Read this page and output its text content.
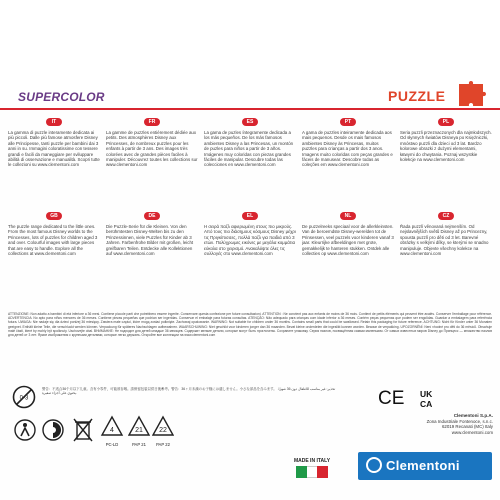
SUPERCOLOR	PUZZLE
IT
La gamma di puzzle interamente dedicata ai più piccoli. Dalle più famose atmosfere Disney alle Principesse, tanti puzzle per bambini dai 3 anni in su. Immagini coloratissime con tessere grandi e facili da maneggiare per sviluppare abilità di osservazione e manualità. Scopri tutte le collezioni su www.clementoni.com
FR
La gamme de puzzles entièrement dédiée aux petits. Des atmosphères Disney aux Princesses, de nombreux puzzles pour les enfants à partir de 3 ans. Des images très colorées avec de grandes pièces faciles à manipuler. Découvrez toutes les collections sur www.clementoni.com
ES
La gama de puzles íntegramente dedicada a los más pequeños. De los más famosos ambientes Disney a las Princesas, un montón de puzles para niños a partir de 3 años. Imágenes muy coloridas con piezas grandes fáciles de manipular. Descubre todas las colecciones en www.clementoni.com
PT
A gama de puzzles inteiramente dedicada aos mais pequenos. Desde os mais famosos ambientes Disney às Princesas, muitos puzzles para crianças a partir dos 3 anos. Imagens muito coloridas com peças grandes e fáceis de manusear. Descobre todas as coleções em www.clementoni.com
PL
Seria puzzli przeznaczonych dla najmłodszych. Od słynnych światów Disneya po Księżniczki, mnóstwo puzzli dla dzieci od 3 lat. Bardzo kolorowe obrazki z dużymi elementami, łatwymi do chwytania. Poznaj wszystkie kolekcje na www.clementoni.com
GB
The puzzle range dedicated to the little ones. From the most famous Disney worlds to the Princesses, lots of puzzles for children aged 3 and over. Colourful images with large pieces that are easy to handle. Explore all the collections at www.clementoni.com
DE
Die Puzzle-Serie für die Kleinen. Von den berühmtesten Disney-Welten bis zu den Prinzessinnen, viele Puzzles für Kinder ab 3 Jahren. Farbenfrohe Bilder mit großen, leicht greifbaren Teilen. Entdecke alle Kollektionen auf www.clementoni.com
EL
Η σειρά παζλ αφιερωμένη στους πιο μικρούς. Από τους πιο διάσημους κόσμους Disney μέχρι τις Πριγκίπισσες, πολλά παζλ για παιδιά από 3 ετών. Πολύχρωμες εικόνες με μεγάλα κομμάτια εύκολα στο χειρισμό. Ανακαλύψτε όλες τις συλλογές στο www.clementoni.com
NL
De puzzelreeks speciaal voor de allerkleinsten. Van de beroemdste Disney-werelden tot de Prinsessen, veel puzzels voor kinderen vanaf 3 jaar. Kleurrijke afbeeldingen met grote, gemakkelijk te hanteren stukken. Ontdek alle collecties op www.clementoni.com
CZ
Řada puzzlí věnovaná nejmenším. Od nejslavnějších světů Disney až po Princezny, spousta puzzlí pro děti od 3 let. Barevné obrázky s velkými dílky, se kterými se snadno manipuluje. Objevte všechny kolekce na www.clementoni.com
ATTENZIONE: Non adatto a bambini di età inferiore a 36 mesi. Contiene piccole parti che potrebbero essere ingerite. Conservare questa confezione per future consultazioni. ATTENTION : Ne convient pas aux enfants de moins de 36 mois. Contient de petits éléments qui peuvent être avalés. Conserver l'emballage pour référence. ADVERTENCIA: No apto para niños menores de 36 meses. Contiene piezas pequeñas que podrían ser ingeridas. Conservar el embalaje para futuras consultas. ATENÇÃO: Não adequado para crianças com idade inferior a 36 meses. Contém peças pequenas que podem ser engolidas. Guardar a embalagem para referência futura. UWAGA: Nie nadaje się dla dzieci poniżej 36 miesięcy. Zawiera małe części, które mogą zostać połknięte. Zachowaj opakowanie. WARNING: Not suitable for children under 36 months. Contains small parts that could be swallowed. Retain this packaging for future reference. ACHTUNG: Nicht für Kinder unter 36 Monaten geeignet. Enthält kleine Teile, die verschluckt werden können. Verpackung für späteres Nachschlagen aufbewahren. WAARSCHUWING: Niet geschikt voor kinderen jonger dan 36 maanden. Bevat kleine onderdelen die ingeslikt kunnen worden. Bewaar de verpakking. UPOZORNĚNÍ: Není vhodné pro děti do 36 měsíců. Obsahuje malé části, které by mohly být spolknuty. Uschovejte obal. ВНИМАНИЕ: Не подходит для детей младше 36 месяцев. Содержит мелкие детали, которые могут быть проглочены. Сохраните упаковку. Серия пазлов, посвящённая самым маленьким. От самых известных миров Disney до Принцесс — множество пазлов для детей от 3 лет. Яркие изображения с крупными деталями, которые легко держать. Откройте все коллекции на www.clementoni.com
0-3
警告：不适合36个月以下儿童。含有小零件，可能被吞咽。請保留包裝以供日後參考。警告：36ヶ月未満のお子様には適しません。小さな部品を含みます。 تحذير: غير مناسب للأطفال دون 36 شهرًا. يحتوي على أجزاء صغيرة.	CE UK
CA
4
PC-LD
21
PAP 21
22
PAP 22
Clementoni S.p.A.
Zona Industriale Fontenoce, s.n.c.
62019 Recanati (MC) Italy
www.clementoni.com
MADE IN ITALY	Clementoni
